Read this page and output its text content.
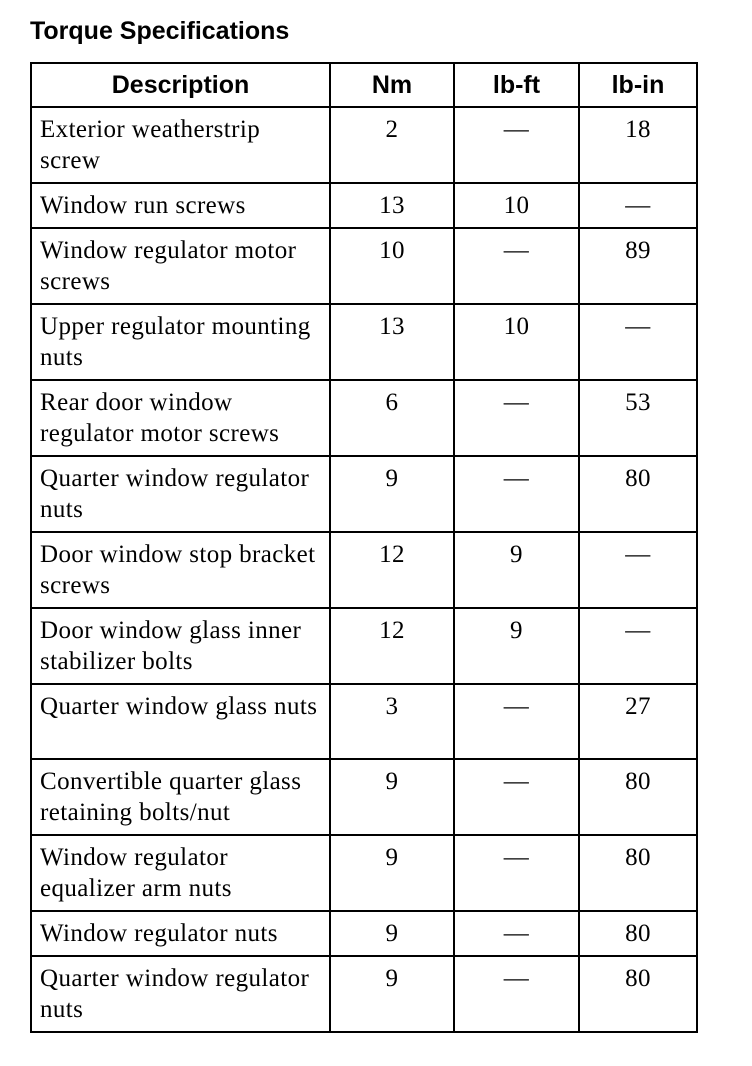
Torque Specifications
Description	Nm	lb-ft	lb-in
Exterior weatherstrip screw	2	—	18
Window run screws	13	10	—
Window regulator motor screws	10	—	89
Upper regulator mounting nuts	13	10	—
Rear door window regulator motor screws	6	—	53
Quarter window regulator nuts	9	—	80
Door window stop bracket screws	12	9	—
Door window glass inner stabilizer bolts	12	9	—
Quarter window glass nuts	3	—	27
Convertible quarter glass retaining bolts/nut	9	—	80
Window regulator equalizer arm nuts	9	—	80
Window regulator nuts	9	—	80
Quarter window regulator nuts	9	—	80
